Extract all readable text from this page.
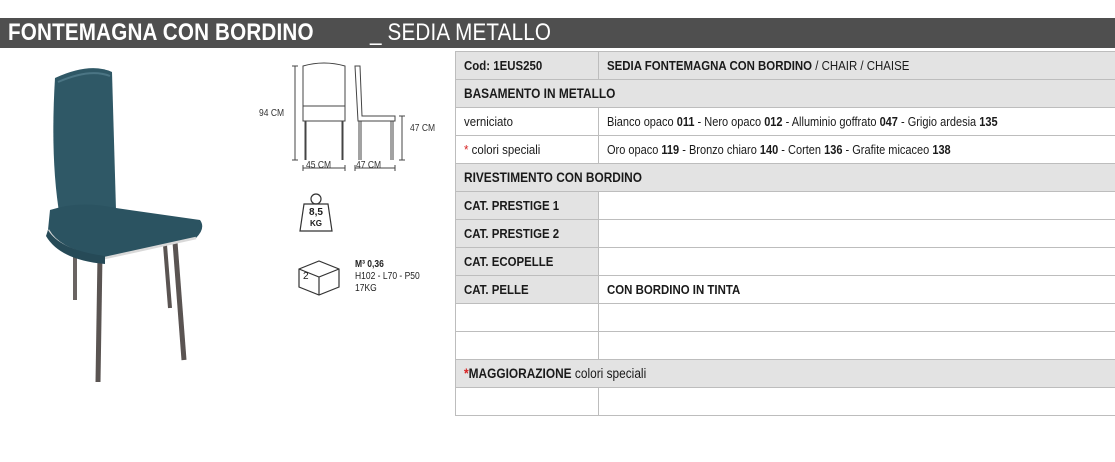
FONTEMAGNA CON BORDINO _ SEDIA METALLO
94 CM
47 CM
45 CM 47 CM
8,5
KG
2
M³ 0,36
H102 - L70 - P50
17KG
Cod: 1EUS250	SEDIA FONTEMAGNA CON BORDINO / CHAIR / CHAISE
BASAMENTO IN METALLO	
verniciato	Bianco opaco 011 - Nero opaco 012 - Alluminio goffrato 047 - Grigio ardesia 135
* colori speciali	Oro opaco 119 - Bronzo chiaro 140 - Corten 136 - Grafite micaceo 138
RIVESTIMENTO CON BORDINO	
CAT. PRESTIGE 1	
CAT. PRESTIGE 2	
CAT. ECOPELLE	
CAT. PELLE	CON BORDINO IN TINTA

*MAGGIORAZIONE colori speciali	
